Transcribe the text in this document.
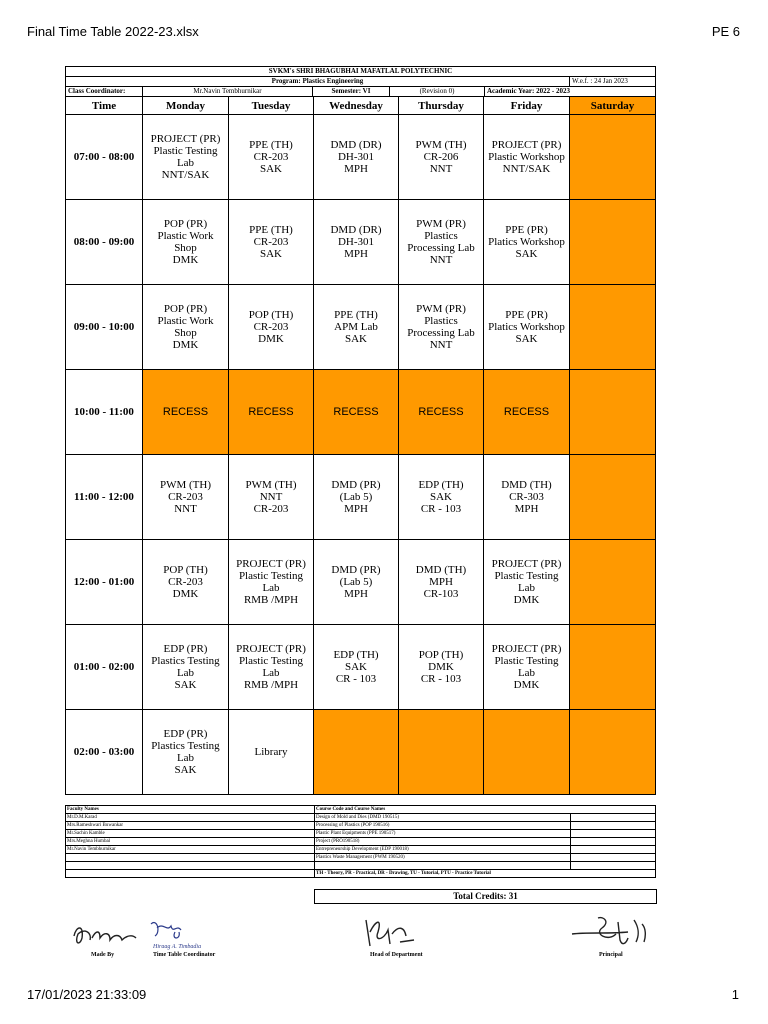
Final Time Table 2022-23.xlsx	PE 6
SVKM's SHRI BHAGUBHAI MAFATLAL POLYTECHNIC					
Program: Plastics Engineering					W.e.f. : 24 Jan 2023
Class Coordinator:	Mr.Navin Tembhurnikar	Semester: VI	(Revision 0)	Academic Year: 2022 - 2023	
Time	Monday	Tuesday	Wednesday	Thursday	Friday	Saturday
07:00 - 08:00	PROJECT (PR)
Plastic Testing
Lab
NNT/SAK	PPE (TH)
CR-203
SAK	DMD (DR)
DH-301
MPH	PWM (TH)
CR-206
NNT	PROJECT (PR)
Plastic Workshop
NNT/SAK	

08:00 - 09:00	POP (PR)
Plastic Work
Shop
DMK	PPE (TH)
CR-203
SAK	DMD (DR)
DH-301
MPH	PWM (PR)
Plastics
Processing Lab
NNT	PPE (PR)
Platics Workshop
SAK	

09:00 - 10:00	POP (PR)
Plastic Work
Shop
DMK	POP (TH)
CR-203
DMK	PPE (TH)
APM Lab
SAK	PWM (PR)
Plastics
Processing Lab
NNT	PPE (PR)
Platics Workshop
SAK	

10:00 - 11:00	RECESS	RECESS	RECESS	RECESS	RECESS	
11:00 - 12:00	PWM (TH)
CR-203
NNT	PWM (TH)
NNT
CR-203	DMD (PR)
(Lab 5)
MPH	EDP (TH)
SAK
CR - 103	DMD (TH)
CR-303
MPH	

12:00 - 01:00	POP (TH)
CR-203
DMK	PROJECT (PR)
Plastic Testing
Lab
RMB /MPH	DMD (PR)
(Lab 5)
MPH	DMD (TH)
MPH
CR-103	PROJECT (PR)
Plastic Testing
Lab
DMK	

01:00 - 02:00	EDP (PR)
Plastics Testing
Lab
SAK	PROJECT (PR)
Plastic Testing
Lab
RMB /MPH	EDP (TH)
SAK
CR - 103	POP (TH)
DMK
CR - 103	PROJECT (PR)
Plastic Testing
Lab
DMK	

02:00 - 03:00	EDP (PR)
Plastics Testing
Lab
SAK	Library				

Faculty Names	Course Code and Course Names	
Mr.D.M.Karad	Design of Mold and Dies (DMD 190515)	
Mrs.Rameshwari Buwankar	Processing of Plastics (POP 190516)	
Mr.Sachin Kamble	Plastic Plant Equipments (PPE 190517)	
Mrs.Meghna Humbal	Project (PRO190518)	
Mr.Navin Tembhurnikar	Entrepreneurship Development (EDP 190018)	
	Plastics Waste Management (PWM 190520)	

	TH - Theory, PR - Practical, DR - Drawing, TU - Tutorial, PTU - Practice Tutorial	
Total Credits: 31
Hiraag A. Timbadia
Made By	Time Table Coordinator	Head of Department	Principal
17/01/2023 21:33:09	1
